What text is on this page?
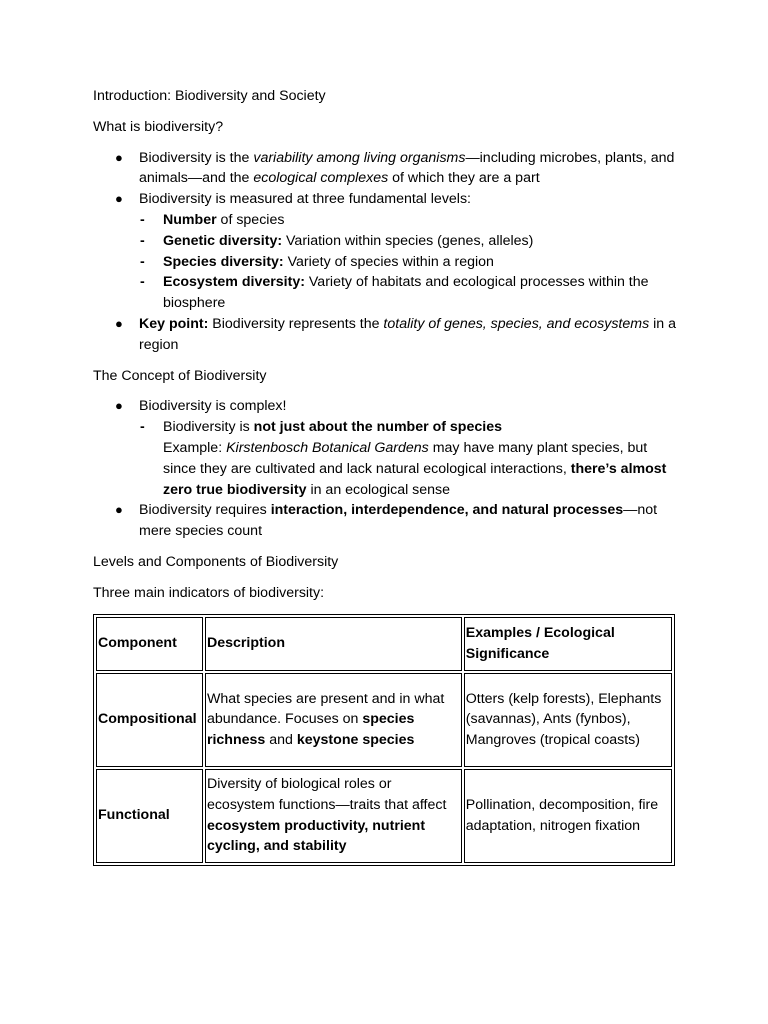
Introduction: Biodiversity and Society

What is biodiversity?

● Biodiversity is the variability among living organisms—including microbes, plants, and animals—and the ecological complexes of which they are a part
● Biodiversity is measured at three fundamental levels:
- Number of species
- Genetic diversity: Variation within species (genes, alleles)
- Species diversity: Variety of species within a region
- Ecosystem diversity: Variety of habitats and ecological processes within the biosphere
● Key point: Biodiversity represents the totality of genes, species, and ecosystems in a region

The Concept of Biodiversity

● Biodiversity is complex!
- Biodiversity is not just about the number of species
Example: Kirstenbosch Botanical Gardens may have many plant species, but since they are cultivated and lack natural ecological interactions, there’s almost zero true biodiversity in an ecological sense
● Biodiversity requires interaction, interdependence, and natural processes—not mere species count

Levels and Components of Biodiversity

Three main indicators of biodiversity:

Component	Description	Examples / Ecological Significance
Compositional	What species are present and in what abundance. Focuses on species richness and keystone species	Otters (kelp forests), Elephants (savannas), Ants (fynbos), Mangroves (tropical coasts)
Functional	Diversity of biological roles or ecosystem functions—traits that affect ecosystem productivity, nutrient cycling, and stability	Pollination, decomposition, fire adaptation, nitrogen fixation
